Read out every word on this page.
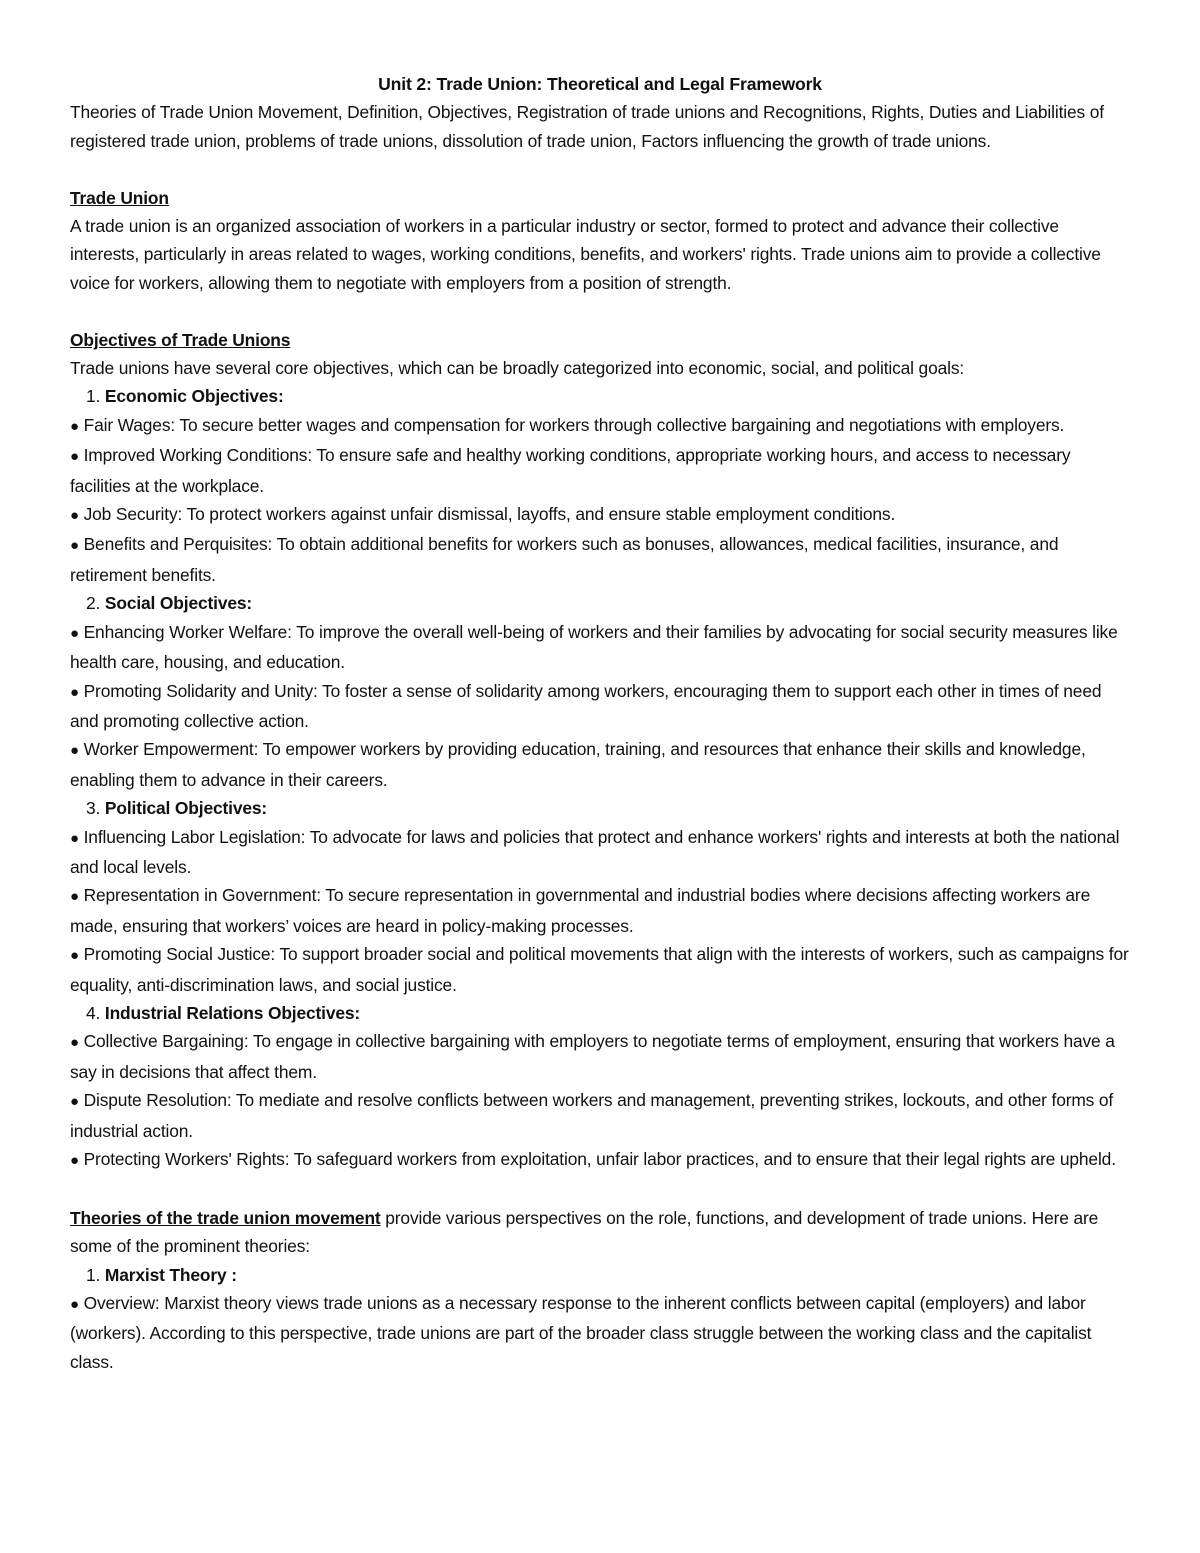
Unit 2: Trade Union: Theoretical and Legal Framework

Theories of Trade Union Movement, Definition, Objectives, Registration of trade unions and Recognitions, Rights, Duties and Liabilities of registered trade union, problems of trade unions, dissolution of trade union, Factors influencing the growth of trade unions.

Trade Union

A trade union is an organized association of workers in a particular industry or sector, formed to protect and advance their collective interests, particularly in areas related to wages, working conditions, benefits, and workers' rights. Trade unions aim to provide a collective voice for workers, allowing them to negotiate with employers from a position of strength.

Objectives of Trade Unions

Trade unions have several core objectives, which can be broadly categorized into economic, social, and political goals:

1. Economic Objectives:

● Fair Wages: To secure better wages and compensation for workers through collective bargaining and negotiations with employers.

● Improved Working Conditions: To ensure safe and healthy working conditions, appropriate working hours, and access to necessary facilities at the workplace.

● Job Security: To protect workers against unfair dismissal, layoffs, and ensure stable employment conditions.

● Benefits and Perquisites: To obtain additional benefits for workers such as bonuses, allowances, medical facilities, insurance, and retirement benefits.

2. Social Objectives:

● Enhancing Worker Welfare: To improve the overall well-being of workers and their families by advocating for social security measures like health care, housing, and education.

● Promoting Solidarity and Unity: To foster a sense of solidarity among workers, encouraging them to support each other in times of need and promoting collective action.

● Worker Empowerment: To empower workers by providing education, training, and resources that enhance their skills and knowledge, enabling them to advance in their careers.

3. Political Objectives:

● Influencing Labor Legislation: To advocate for laws and policies that protect and enhance workers' rights and interests at both the national and local levels.

● Representation in Government: To secure representation in governmental and industrial bodies where decisions affecting workers are made, ensuring that workers’ voices are heard in policy-making processes.

● Promoting Social Justice: To support broader social and political movements that align with the interests of workers, such as campaigns for equality, anti-discrimination laws, and social justice.

4. Industrial Relations Objectives:

● Collective Bargaining: To engage in collective bargaining with employers to negotiate terms of employment, ensuring that workers have a say in decisions that affect them.

● Dispute Resolution: To mediate and resolve conflicts between workers and management, preventing strikes, lockouts, and other forms of industrial action.

● Protecting Workers' Rights: To safeguard workers from exploitation, unfair labor practices, and to ensure that their legal rights are upheld.

Theories of the trade union movement provide various perspectives on the role, functions, and development of trade unions. Here are some of the prominent theories:

1. Marxist Theory :

● Overview: Marxist theory views trade unions as a necessary response to the inherent conflicts between capital (employers) and labor (workers). According to this perspective, trade unions are part of the broader class struggle between the working class and the capitalist class.
